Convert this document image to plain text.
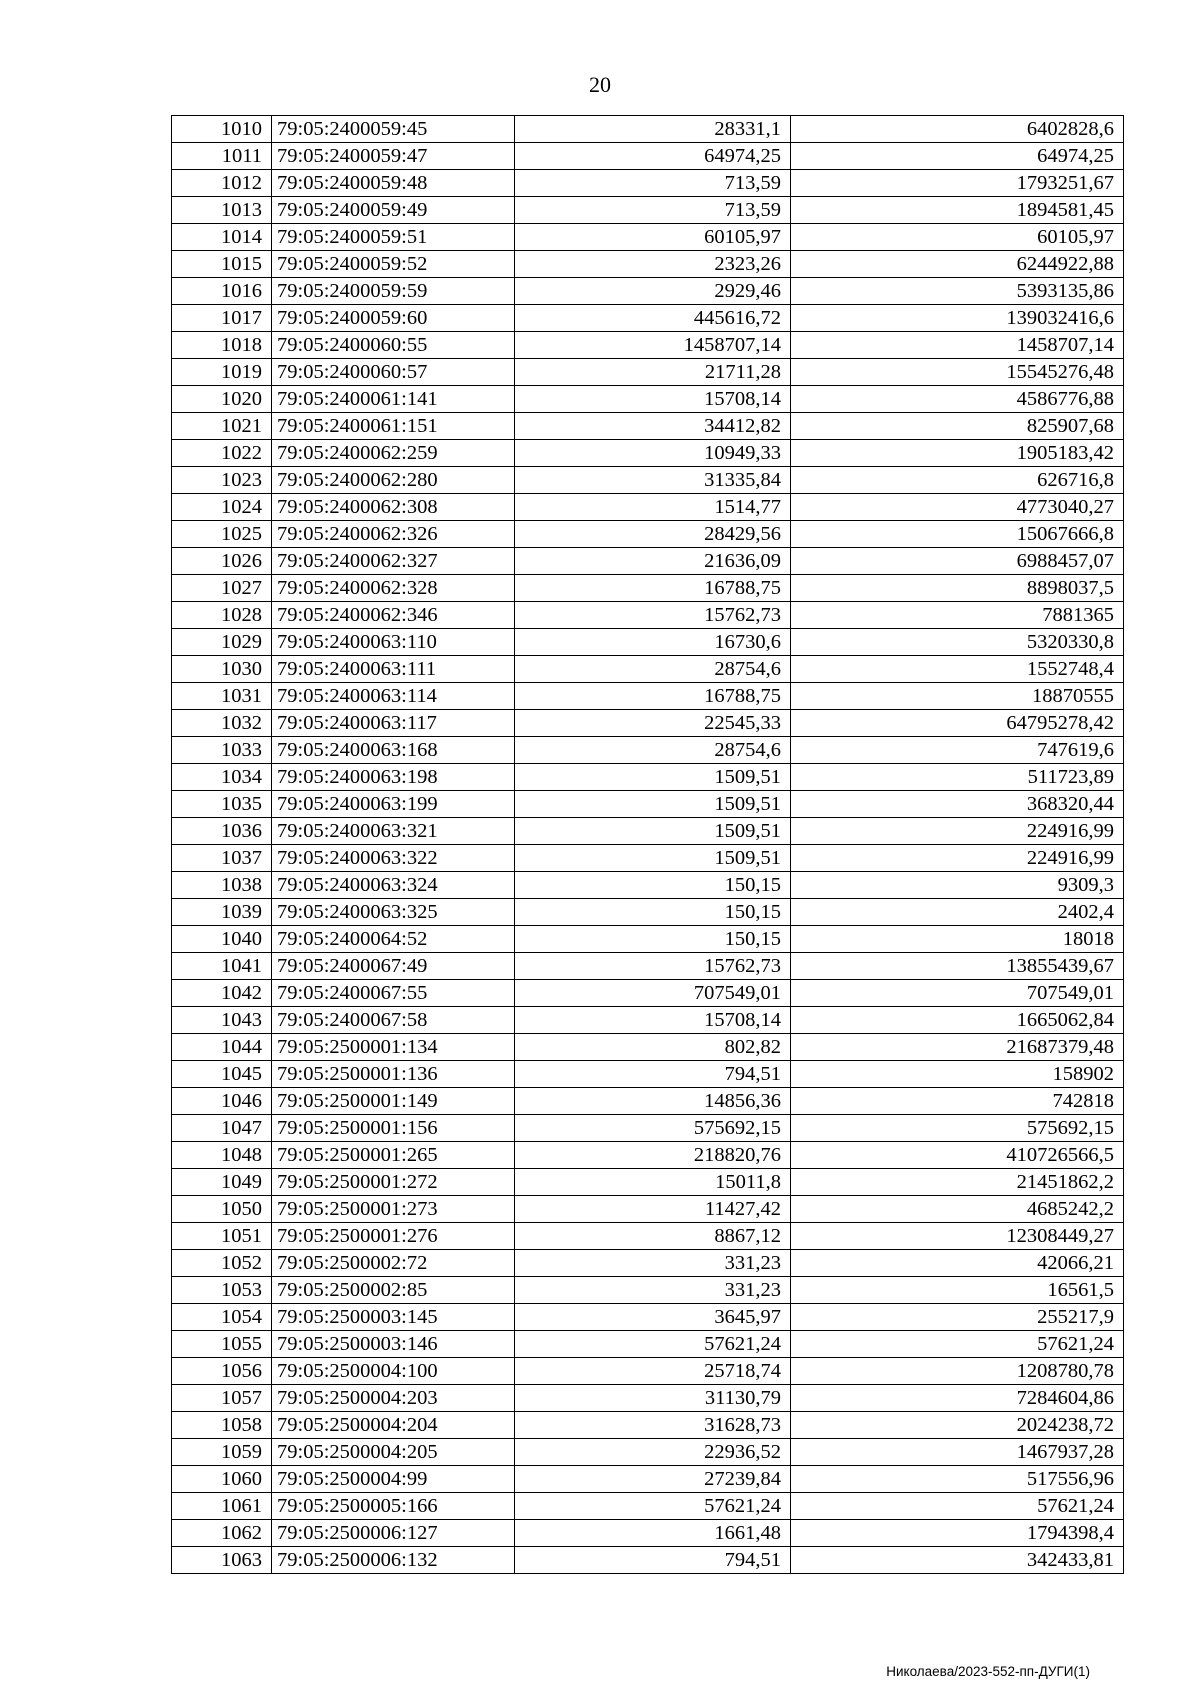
20
1010	79:05:2400059:45	28331,1	6402828,6
1011	79:05:2400059:47	64974,25	64974,25
1012	79:05:2400059:48	713,59	1793251,67
1013	79:05:2400059:49	713,59	1894581,45
1014	79:05:2400059:51	60105,97	60105,97
1015	79:05:2400059:52	2323,26	6244922,88
1016	79:05:2400059:59	2929,46	5393135,86
1017	79:05:2400059:60	445616,72	139032416,6
1018	79:05:2400060:55	1458707,14	1458707,14
1019	79:05:2400060:57	21711,28	15545276,48
1020	79:05:2400061:141	15708,14	4586776,88
1021	79:05:2400061:151	34412,82	825907,68
1022	79:05:2400062:259	10949,33	1905183,42
1023	79:05:2400062:280	31335,84	626716,8
1024	79:05:2400062:308	1514,77	4773040,27
1025	79:05:2400062:326	28429,56	15067666,8
1026	79:05:2400062:327	21636,09	6988457,07
1027	79:05:2400062:328	16788,75	8898037,5
1028	79:05:2400062:346	15762,73	7881365
1029	79:05:2400063:110	16730,6	5320330,8
1030	79:05:2400063:111	28754,6	1552748,4
1031	79:05:2400063:114	16788,75	18870555
1032	79:05:2400063:117	22545,33	64795278,42
1033	79:05:2400063:168	28754,6	747619,6
1034	79:05:2400063:198	1509,51	511723,89
1035	79:05:2400063:199	1509,51	368320,44
1036	79:05:2400063:321	1509,51	224916,99
1037	79:05:2400063:322	1509,51	224916,99
1038	79:05:2400063:324	150,15	9309,3
1039	79:05:2400063:325	150,15	2402,4
1040	79:05:2400064:52	150,15	18018
1041	79:05:2400067:49	15762,73	13855439,67
1042	79:05:2400067:55	707549,01	707549,01
1043	79:05:2400067:58	15708,14	1665062,84
1044	79:05:2500001:134	802,82	21687379,48
1045	79:05:2500001:136	794,51	158902
1046	79:05:2500001:149	14856,36	742818
1047	79:05:2500001:156	575692,15	575692,15
1048	79:05:2500001:265	218820,76	410726566,5
1049	79:05:2500001:272	15011,8	21451862,2
1050	79:05:2500001:273	11427,42	4685242,2
1051	79:05:2500001:276	8867,12	12308449,27
1052	79:05:2500002:72	331,23	42066,21
1053	79:05:2500002:85	331,23	16561,5
1054	79:05:2500003:145	3645,97	255217,9
1055	79:05:2500003:146	57621,24	57621,24
1056	79:05:2500004:100	25718,74	1208780,78
1057	79:05:2500004:203	31130,79	7284604,86
1058	79:05:2500004:204	31628,73	2024238,72
1059	79:05:2500004:205	22936,52	1467937,28
1060	79:05:2500004:99	27239,84	517556,96
1061	79:05:2500005:166	57621,24	57621,24
1062	79:05:2500006:127	1661,48	1794398,4
1063	79:05:2500006:132	794,51	342433,81
Николаева/2023-552-пп-ДУГИ(1)
